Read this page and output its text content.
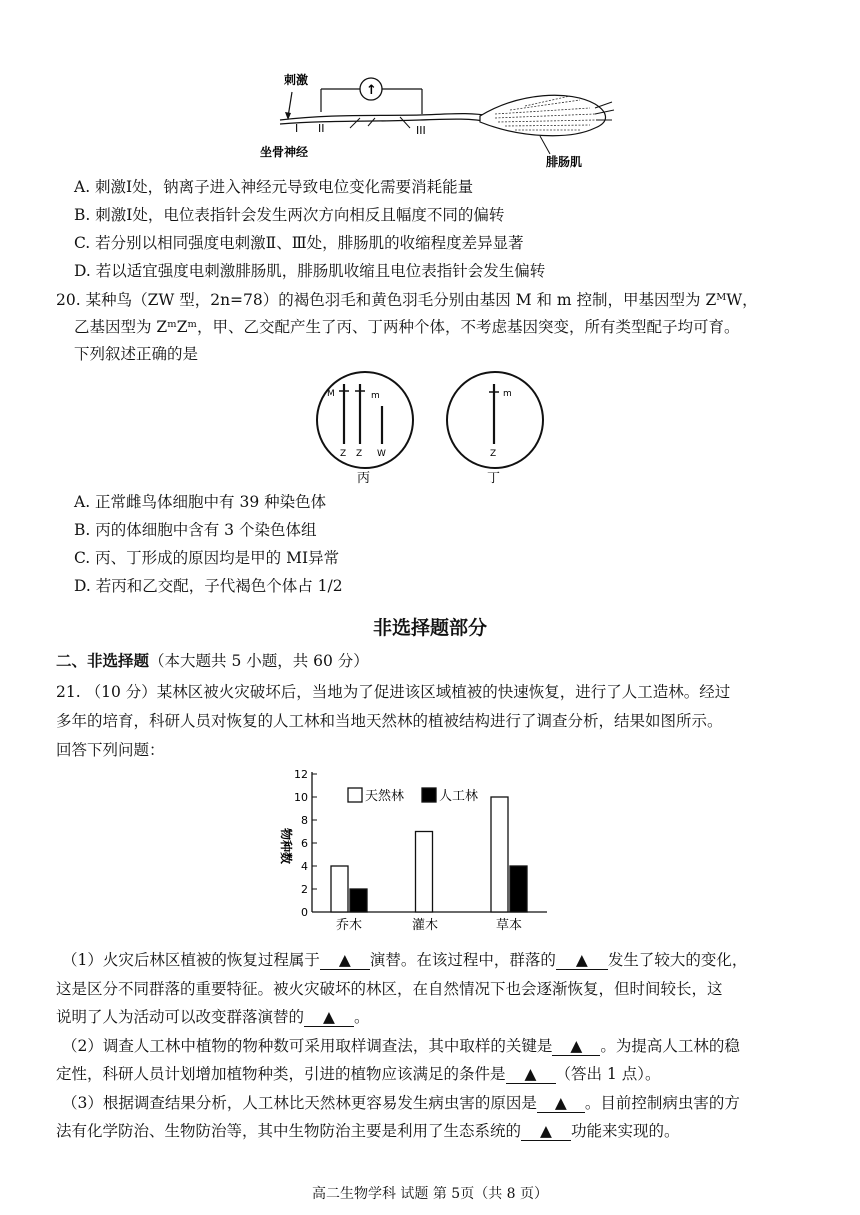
刺激
↑
I II	III
坐骨神经
腓肠肌
A. 刺激Ⅰ处，钠离子进入神经元导致电位变化需要消耗能量
B. 刺激Ⅰ处，电位表指针会发生两次方向相反且幅度不同的偏转
C. 若分别以相同强度电刺激Ⅱ、Ⅲ处，腓肠肌的收缩程度差异显著
D. 若以适宜强度电刺激腓肠肌，腓肠肌收缩且电位表指针会发生偏转
20. 某种鸟（ZW 型，2n=78）的褐色羽毛和黄色羽毛分别由基因 M 和 m 控制，甲基因型为 ZᴹW，
乙基因型为 ZᵐZᵐ，甲、乙交配产生了丙、丁两种个体，不考虑基因突变，所有类型配子均可育。
下列叙述正确的是
M	m
Z Z W
丙
m
Z
丁
A. 正常雌鸟体细胞中有 39 种染色体
B. 丙的体细胞中含有 3 个染色体组
C. 丙、丁形成的原因均是甲的 MI异常
D. 若丙和乙交配，子代褐色个体占 1/2
非选择题部分
二、非选择题（本大题共 5 小题，共 60 分）
21. （10 分）某林区被火灾破坏后，当地为了促进该区域植被的快速恢复，进行了人工造林。经过
多年的培育，科研人员对恢复的人工林和当地天然林的植被结构进行了调查分析，结果如图所示。
回答下列问题：
0
2
4
6
8
10
12
乔木	灌木	草本
天然林	人工林
物种数
（1）火灾后林区植被的恢复过程属于 ▲ 演替。在该过程中，群落的 ▲ 发生了较大的变化，
这是区分不同群落的重要特征。被火灾破坏的林区，在自然情况下也会逐渐恢复，但时间较长，这
说明了人为活动可以改变群落演替的 ▲ 。
（2）调查人工林中植物的物种数可采用取样调查法，其中取样的关键是 ▲ 。为提高人工林的稳
定性，科研人员计划增加植物种类，引进的植物应该满足的条件是 ▲ （答出 1 点）。
（3）根据调查结果分析，人工林比天然林更容易发生病虫害的原因是 ▲ 。目前控制病虫害的方
法有化学防治、生物防治等，其中生物防治主要是利用了生态系统的 ▲ 功能来实现的。
高二生物学科 试题 第 5页（共 8 页）
